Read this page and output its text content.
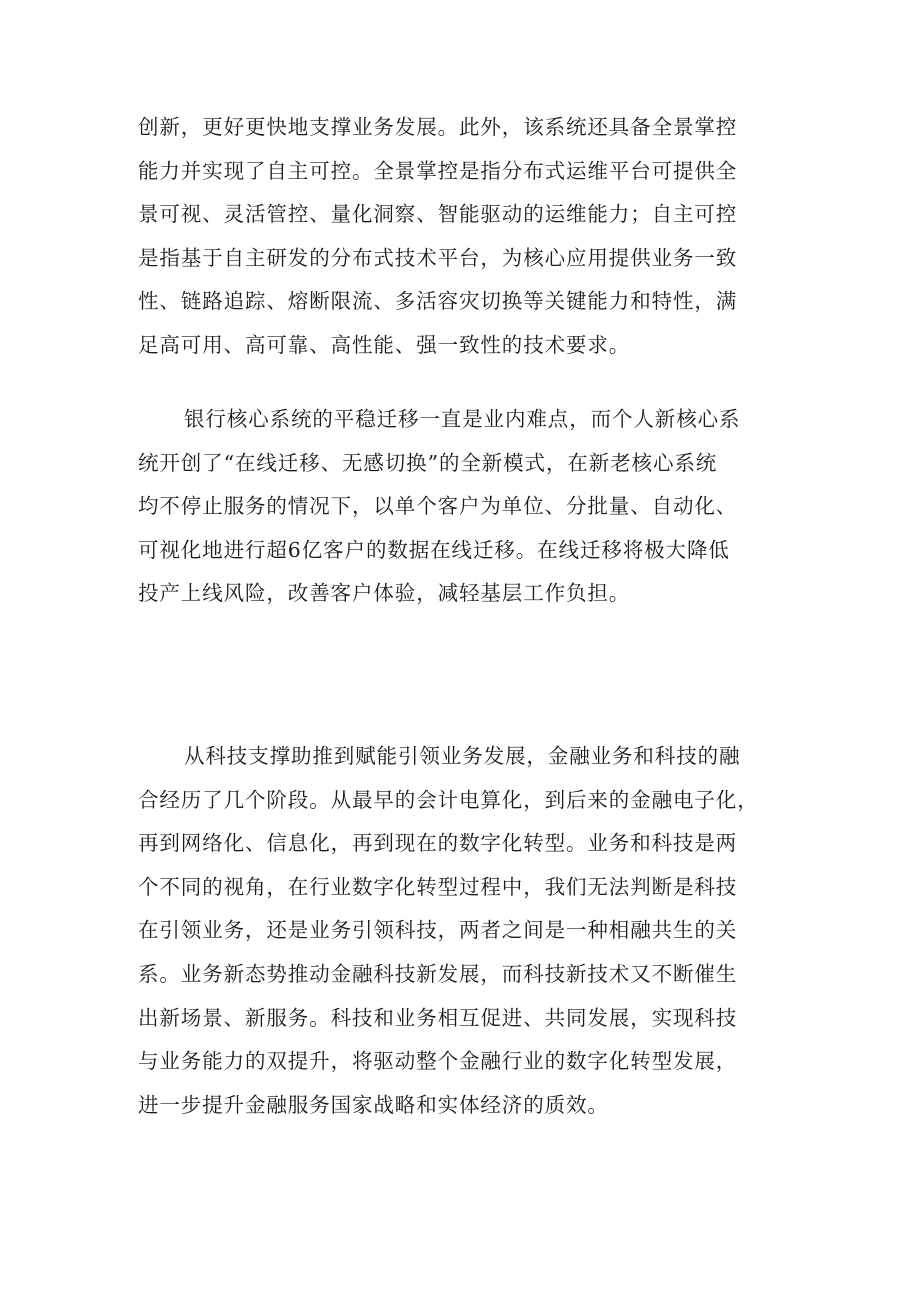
创新，更好更快地支撑业务发展。此外，该系统还具备全景掌控
能力并实现了自主可控。全景掌控是指分布式运维平台可提供全
景可视、灵活管控、量化洞察、智能驱动的运维能力；自主可控
是指基于自主研发的分布式技术平台，为核心应用提供业务一致
性、链路追踪、熔断限流、多活容灾切换等关键能力和特性，满
足高可用、高可靠、高性能、强一致性的技术要求。
银行核心系统的平稳迁移一直是业内难点，而个人新核心系
统开创了“在线迁移、无感切换”的全新模式，在新老核心系统
均不停止服务的情况下，以单个客户为单位、分批量、自动化、
可视化地进行超6亿客户的数据在线迁移。在线迁移将极大降低
投产上线风险，改善客户体验，减轻基层工作负担。
从科技支撑助推到赋能引领业务发展，金融业务和科技的融
合经历了几个阶段。从最早的会计电算化，到后来的金融电子化，
再到网络化、信息化，再到现在的数字化转型。业务和科技是两
个不同的视角，在行业数字化转型过程中，我们无法判断是科技
在引领业务，还是业务引领科技，两者之间是一种相融共生的关
系。业务新态势推动金融科技新发展，而科技新技术又不断催生
出新场景、新服务。科技和业务相互促进、共同发展，实现科技
与业务能力的双提升，将驱动整个金融行业的数字化转型发展，
进一步提升金融服务国家战略和实体经济的质效。
